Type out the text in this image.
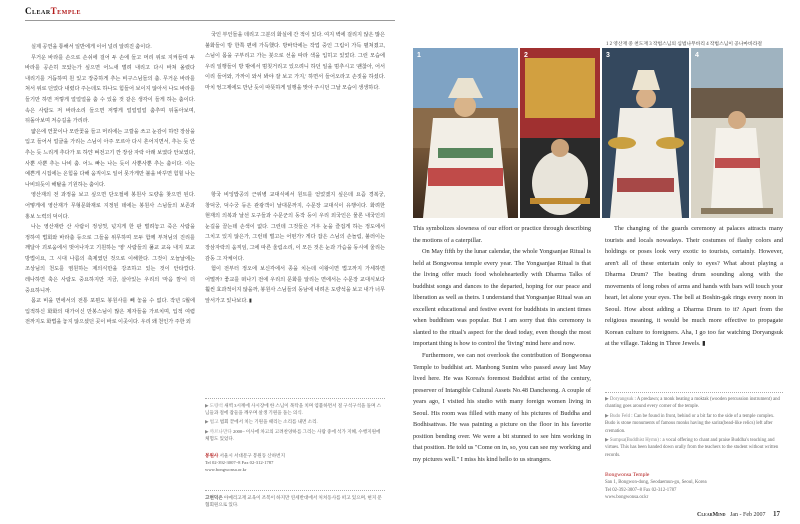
ClearTemple

실제 공연을 통해서 일반에게 이어 널리 알려진 춤이다.

무거운 바라를 손으로 손쉬에 걸어 두 손에 들고 머리 위로 지켜들며 두 바라를 공손히 모았는가 싶으면 어느새 벌려 내리고 다시 바쳐 올렸다 내리기를 거듭하며 원 있고 장중하게 추는 비구스님들의 춤. 무거운 바라를 쳐서 위로 던었다 내렸다 주는데도 하나도 힘들어 보이지 않아서 나도 바라를 들기만 하면 저렇게 얼얼얼을 춤 수 있을 것 같은 생각이 들게 하는 춤이다. 속은 사람도 저 바라소리 들으면 저렇게 얼얼얼얼 춤추며 뒤돌아보며, 뒤돌아보며 저승길을 가리라.

얇은에 연꽃이나 모란꽃을 들고 머리에는 고깔을 쓰고 눈감이 하얀 장삼을 입고 들어서 얼굴을 가리는 스님이 아주 모르아 다시 흔어지면서, 추는 듯 안 추는 듯 느리게 추다가 또 하얀 벼전고기 깐 장삼 자락 아래 보였다 안보였다, 사뿐 사뿐 추는 나비 춤. 어느 빠는 나는 듯이 사뿐사뿐 추는 춤이다. 이는 예쁜게 시집에는 온힘을 다해 움직이도 일어 못가게만 불을 바꾸면 힘힐 나는 나비되듯이 해탈을 기원하는 춤이다.

영산재의 전 과정을 보고 싶으면 단오절에 봉원사 도량을 찾으면 된다. 어떻게에 영산재가 무형문화재로 지정된 데에는 봉원사 스님들의 보존과 홍보 노력의 덕이다.

나는 영산재란 산 사람이 정성껏, 넋지게 한 판 벌려놓고 죽은 사람을 정하여 법회와 바라춤 등으로 그들을 위무하며 모두 함께 부처님의 진리를 깨달아 괴로움에서 벗어나자고 기원하는 '영' 사람들의 풀교 교육 내지 포교 방법이요, 그 시대 나름의 축제였던 것으로 이해한다. 그것이 오늘날에는 조상님의 천도를 염원하는 제의식만을 강조하고 있는 것이 안타깝다. 레나하면 축은 사람도 중요하지만 지금, 살아있는 우리의 '마음 깜'이 더 중요하니까.

몸교 비을 면에서의 전통 포뮌도 봉원사를 빼 놓을 수 없다. 작년 5월에 입적하신 화화의 대가이신 만봉스님이 많은 제자들을 가르치며, 입적 여렴 전까지도 화법을 놓지 않으셨던 곳이 바로 이곳이다. 우리 왜 천인가 주한 외

국인 부인들을 데리고 그분의 화실에 간 적이 있다. 여지 벽에 걸리지 않은 많은 불화들이 방 한쪽 편에 가득했다. 방바닥에는 작업 중인 그림이 가득 펼쳐졌고, 스님이 몸을 구부리고 가는 붓으로 선을 따라 색을 입히고 있었다. 그런 모습에 우리 일행들이 방 밖에서 멈칫거리고 있으려니 하던 일을 멈추시고 '괜찮아, 어서 이리 들어와, 가까이 와서 봐야 잘 보고 가지,' 하면서 들어오라고 손짓을 하셨다. 마치 엉그제에도 만난 듯이 따뜻하게 일행을 맞아 주시던 그날 모습이 생생하다.

항국 비잉밥공의 근위병 교대식에서 원트를 얻었겠지 싶은데 요즘 경복궁, 창덕궁, 덕수궁 등은 관광객이 날대문까지, 수문장 교대식이 유행이다. 화려한 현재의 의복과 날선 도구들과 수문군의 동작 등이 우리 외국인은 물론 내국인의 눈길을 끌는데 손색이 없다. 그런데 그것들은 거우 눈을 즐겁게 하는 정도에서 그치고 있지 않은가, 그런데 벌고는 어떤가? 게다 잡은 스님의 손놀림, 불러이는 장삼자락의 움직임, 그에 따른 울림소리, 이 모든 것은 눈과 가슴을 동시에 울리는 감동 그 자체이다.

험이 전부터 정오에 보신각에서 종을 치는데 이왕이면 법고까지 가세하면 어떨까? 좋교를 떠나기 전에 우리의 문화를 알리는 면에서는 수문장 교대식보다 훨씬 효과적이지 않을까, 봉원사 스님들의 동남에 내려온 도량석을 보고 내가 너무 앞서가고 있나보다. ▮

▶ 도량석 새벽 3시께에 사시장에 한 스님이 목탁을 치며 염불하면서 절 구석구석을 돌며 스님들과 절에 잡들을 깨우며 살생 기원을 돌는 의식.
▶ 법고 법회 끝에서 치는 기원을 때리는 소리를 내면 소리.
▶ 까르나만다 2000~ 이사에 차고의 고려찬양하를 그리는 사람 중에 석가 지혜, 수행지원에 체험도 있었다.
봉원사 서울시 서대문구 봉원동 산하번지
Tel 02-392-3007~8 Fax 02-312-1787
www.bongwonsa.or.kr
고현덕은 아메리고재 교육이 조복이 하지만 연세반대에서 처쳐동사를 떠고 있으며, 현지 문협회원으로 있다.
1 2 영산재 중 천도재 3 작법스님의 심법나무바리 4 작법스님이 공나마바라걸
1	2	3	4

This symbolizes slowness of our effort or practice through describing the motions of a caterpillar.

On May fifth by the lunar calendar, the whole Yongsanjae Ritual is held at Bongwonsa temple every year. The Yongsanjae Ritual is that the living offer much food wholeheartedly with Dharma Talks of buddhist songs and dances to the departed, hoping for our peace and liberation as well as theirs. I understand that Yongsanjae Ritual was an excellent educational and festive event for buddhists in ancient times when buddhism was popular. But I am sorry that this ceremony is slanted to the ritual's aspect for the dead today, even though the most important thing is how to control the 'living' mind here and now.

Furthermore, we can not overlook the contribution of Bongwonsa Temple to buddhist art. Manbong Sunim who passed away last May lived here. He was Korea's foremost Buddhist artist of the century, preserver of Intangible Cultural Assets No.48 Dancheong. A couple of years ago, I visited his studio with many foreign women living in Seoul. His room was filled with many of his pictures of Buddha and Bodhisattvas. He was painting a picture on the floor in his favorite position bending over. We were a bit stunned to see him working in that position. He told us "Come on in, so, you can see my working and my pictures well." I miss his kind hello to us strangers.

The changing of the guards ceremony at palaces attracts many tourists and locals nowadays. Their costumes of flashy colors and holdings or poses look very exotic to tourists, certainly. However, aren't all of these entertain only to eyes? What about playing a Dharma Drum? The beating drum sounding along with the movements of long robes of arms and hands with bars will touch your heart, let alone your eyes. The bell at Boshin-gak rings every noon in Seoul. How about adding a Dharma Drum to it? Apart from the religious meaning, it would be much more effective to propagate Korean culture to foreigners. Aha, I go too far watching Doryangsuk at the village. Taking in Three Jewels. ▮

▶ Doryangsuk : A predawn; a monk beating a moktak (wooden percussion instrument) and chanting goes around every corner of the temple.
▶ Budo Feld : Can be found in front, behind or a bit far to the side of a temple complex. Budo is stone monuments of famous monks having the sarira(bead-like relics) left after cremation.
▶ Sumpsa(Buddhist Hymn) : a vocal offering to chant and praise Buddha's teaching and virtues. This has been handed down orally from the teachers to the student without written records.
Bongwonsa Temple
San 1, Bongwon-dong, Seodaemun-gu, Seoul, Korea
Tel 02-392-3007~8 Fax 02-312-1787
www.bongwonsa.or.kr
ClearMind Jan - Feb 2007 17
